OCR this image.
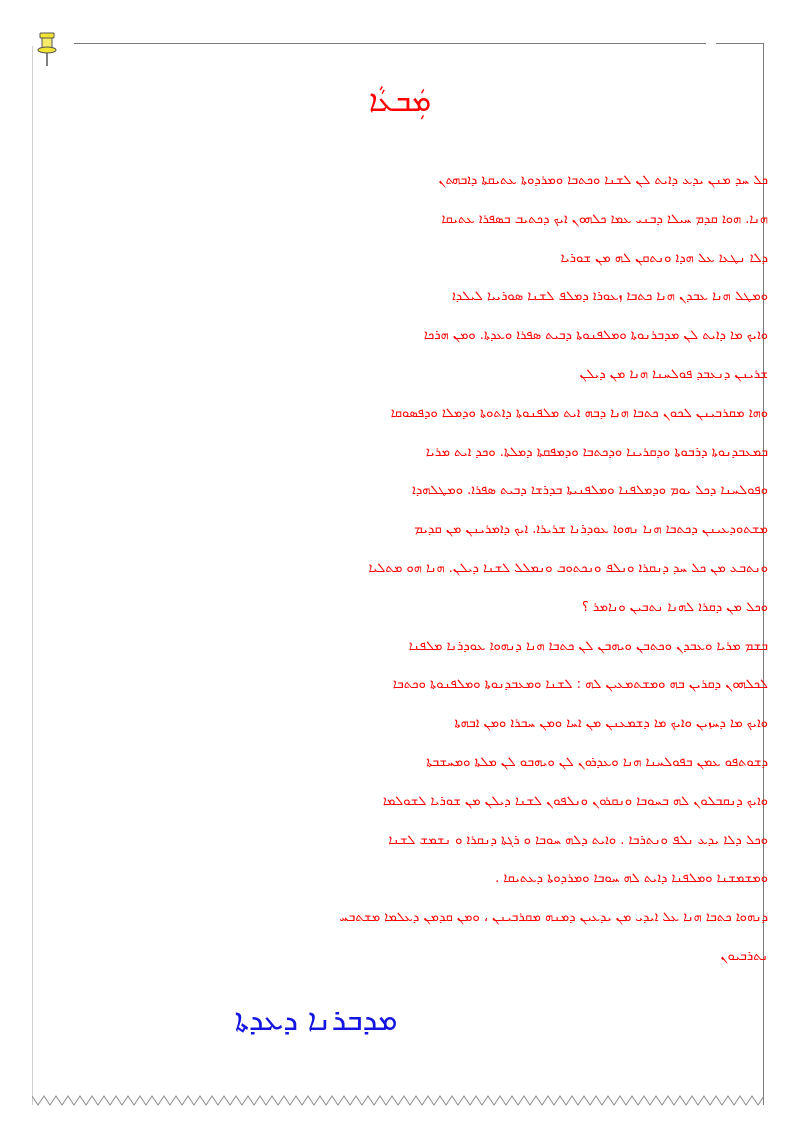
ܡܲܒܥܵܐ
ܟܠ ܚܕ ܡܢܢ ܝܕܥ ܕܐܝܬ ܠܢ ܠܫܢܐ ܘܟܬܒܐ ܘܡܪܕܘܬܐ ܥܬܝܩܬܐ ܕܐܒܗܬܢ
ܗܢܐ. ܗܘܐ ܩܕܡ ܚܝܠܐ ܕܒܢܝ ܥܡܐ ܟܠܗܘܢ ܐܝܟ ܕܟܬܝܒ ܒܣܦܪܐ ܥܬܝܩܐ
ܕܠܐ ܢܛܥܐ ܥܠ ܗܕܐ ܘܢܬܩܢ ܠܗ ܡܢ ܫܘܪܝܐ
ܘܡܛܠ ܗܢܐ ܥܒܕܢ ܗܢܐ ܟܬܒܐ ܙܥܘܪܐ ܕܡܠܦ ܠܫܢܐ ܣܘܪܝܝܐ ܠܝܠܕܐ
ܘܐܝܟ ܡܐ ܕܐܝܬ ܠܢ ܡܕܒܪܢܘܬܐ ܘܡܠܦܢܘܬܐ ܕܒܝܬ ܣܦܪܐ ܘܥܕܬܐ. ܘܡܢ ܗܪܟܐ
ܫܪܝܢܢ ܕܢܥܒܕ ܦܘܠܚܢܐ ܗܢܐ ܡܢ ܕܝܠܢ
ܘܗܐ ܡܩܪܒܝܢܢ ܠܟܘܢ ܟܬܒܐ ܗܢܐ ܕܒܗ ܐܝܬ ܡܠܦܢܘܬܐ ܕܐܬܘܬܐ ܘܕܡܠܐ ܘܕܦܣܘܩܐ
ܒܡܥܒܕܢܘܬܐ ܕܪܒܘܬܐ ܘܕܩܪܝܢܐ ܘܕܟܬܒܐ ܘܕܡܦܩܬܐ ܕܡܠܬܐ. ܘܟܕ ܐܝܬ ܡܪܝܐ
ܘܦܘܠܚܢܐ ܕܟܠ ܝܘܡ ܘܕܡܠܦܢܐ ܘܡܠܦܢܝܬܐ ܒܕܪܫܐ ܕܒܝܬ ܣܦܪܐ. ܘܡܛܠܗܕܐ
ܡܫܬܘܕܥܝܢܢ ܕܟܬܒܐ ܗܢܐ ܢܗܘܐ ܥܘܕܪܢܐ ܫܪܝܪܐ. ܐܝܟ ܕܐܡܪܝܢܢ ܡܢ ܩܕܝܡ
ܘܢܬܒܥ ܡܢ ܟܠ ܚܕ ܕܢܩܪܐ ܘܢܠܦ ܘܢܟܬܘܒ ܘܢܡܠܠ ܠܫܢܐ ܕܝܠܢ. ܗܢܐ ܗܘ ܡܬܠܝܐ
ܘܟܠ ܡܢ ܕܩܪܐ ܠܗܢܐ ܢܬܒܝܢ ܘܢܐܡܪ ؟
ܒܫܡ ܡܪܝܐ ܘܥܒܕܢ ܘܟܬܒܢ ܘܝܗܒܢ ܠܢ ܟܬܒܐ ܗܢܐ ܕܢܗܘܐ ܥܘܕܪܢܐ ܡܠܦܢܐ
ܠܟܠܗܘܢ ܕܩܪܝܢ ܒܗ ܘܡܫܬܡܥܝܢ ܠܗ : ܠܫܢܐ ܘܡܥܒܕܢܘܬܐ ܘܡܠܦܢܘܬܐ ܘܟܬܒܐ
ܘܐܝܟ ܡܐ ܕܚܙܝܢ ܘܐܝܟ ܡܐ ܕܫܡܥܢܢ ܡܢ ܐܚܐ ܘܡܢ ܚܒܪܐ ܘܡܢ ܐܒܗܬܐ
ܕܫܘܬܦܘ ܥܡܢ ܒܦܘܠܚܢܐ ܗܢܐ ܘܥܕܪܘܢ ܠܢ ܘܝܗܒܘ ܠܢ ܡܠܬܐ ܘܡܚܫܒܬܐ
ܘܐܝܟ ܕܢܩܒܠܘܢ ܠܗ ܒܚܘܒܐ ܘܢܩܪܘܢ ܘܢܠܦܘܢ ܠܫܢܐ ܕܝܠܢ ܡܢ ܫܘܪܝܐ ܠܫܘܠܡܐ
ܘܟܠ ܕܠܐ ܝܕܥ ܢܠܦ ܘܢܬܪܒܐ . ܘܐܝܬ ܕܠܗ ܚܘܒܐ ܘ ܪܓܬܐ ܕܢܩܪܐ ܘ ܢܫܡܫ ܠܫܢܐ
ܘܡܫܡܫܢܐ ܘܡܠܦܢܐ ܕܐܝܬ ܠܗ ܚܘܒܐ ܘܡܪܕܘܬܐ ܕܥܬܝܩܐ .
ܕܢܗܘܐ ܟܬܒܐ ܗܢܐ ܥܠ ܐܝܕܝ ܡܢ ܝܕܥܝܢ ܕܡܢܗ ܡܩܪܒܝܢܢ ، ܘܡܢ ܩܕܡܢ ܕܥܠܡܐ ܡܫܬܒܚ
ܢܬܪܒܝܘܢ
ܡܕܒܪܢܐ ܕܥܕܬܐ
